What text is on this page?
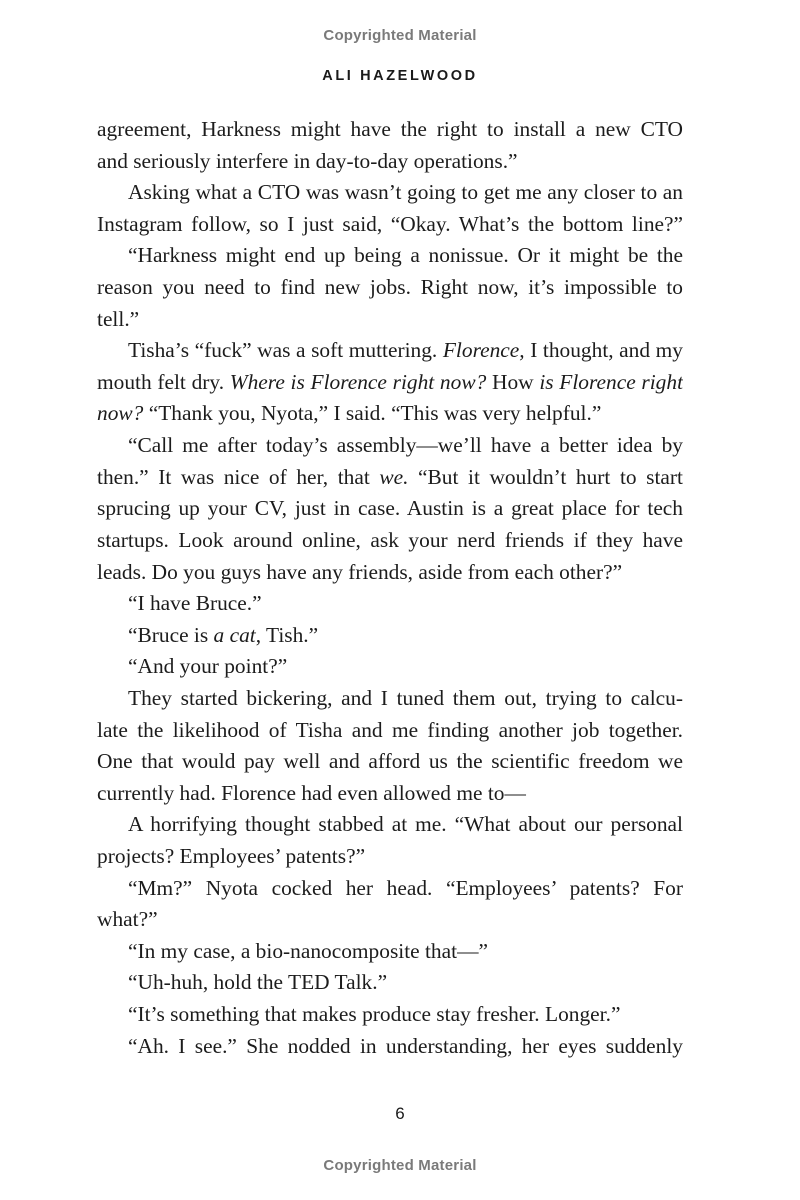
Copyrighted Material
ALI HAZELWOOD
agreement, Harkness might have the right to install a new CTO
and seriously interfere in day-to-day operations.”
Asking what a CTO was wasn’t going to get me any closer to an
Instagram follow, so I just said, “Okay. What’s the bottom line?”
“Harkness might end up being a nonissue. Or it might be the
reason you need to find new jobs. Right now, it’s impossible to
tell.”
Tisha’s “fuck” was a soft muttering. Florence, I thought, and my
mouth felt dry. Where is Florence right now? How is Florence right
now? “Thank you, Nyota,” I said. “This was very helpful.”
“Call me after today’s assembly—we’ll have a better idea by
then.” It was nice of her, that we. “But it wouldn’t hurt to start
sprucing up your CV, just in case. Austin is a great place for tech
startups. Look around online, ask your nerd friends if they have
leads. Do you guys have any friends, aside from each other?”
“I have Bruce.”
“Bruce is a cat, Tish.”
“And your point?”
They started bickering, and I tuned them out, trying to calcu-
late the likelihood of Tisha and me finding another job together.
One that would pay well and afford us the scientific freedom we
currently had. Florence had even allowed me to—
A horrifying thought stabbed at me. “What about our personal
projects? Employees’ patents?”
“Mm?” Nyota cocked her head. “Employees’ patents? For
what?”
“In my case, a bio-nanocomposite that—”
“Uh-huh, hold the TED Talk.”
“It’s something that makes produce stay fresher. Longer.”
“Ah. I see.” She nodded in understanding, her eyes suddenly
6
Copyrighted Material
